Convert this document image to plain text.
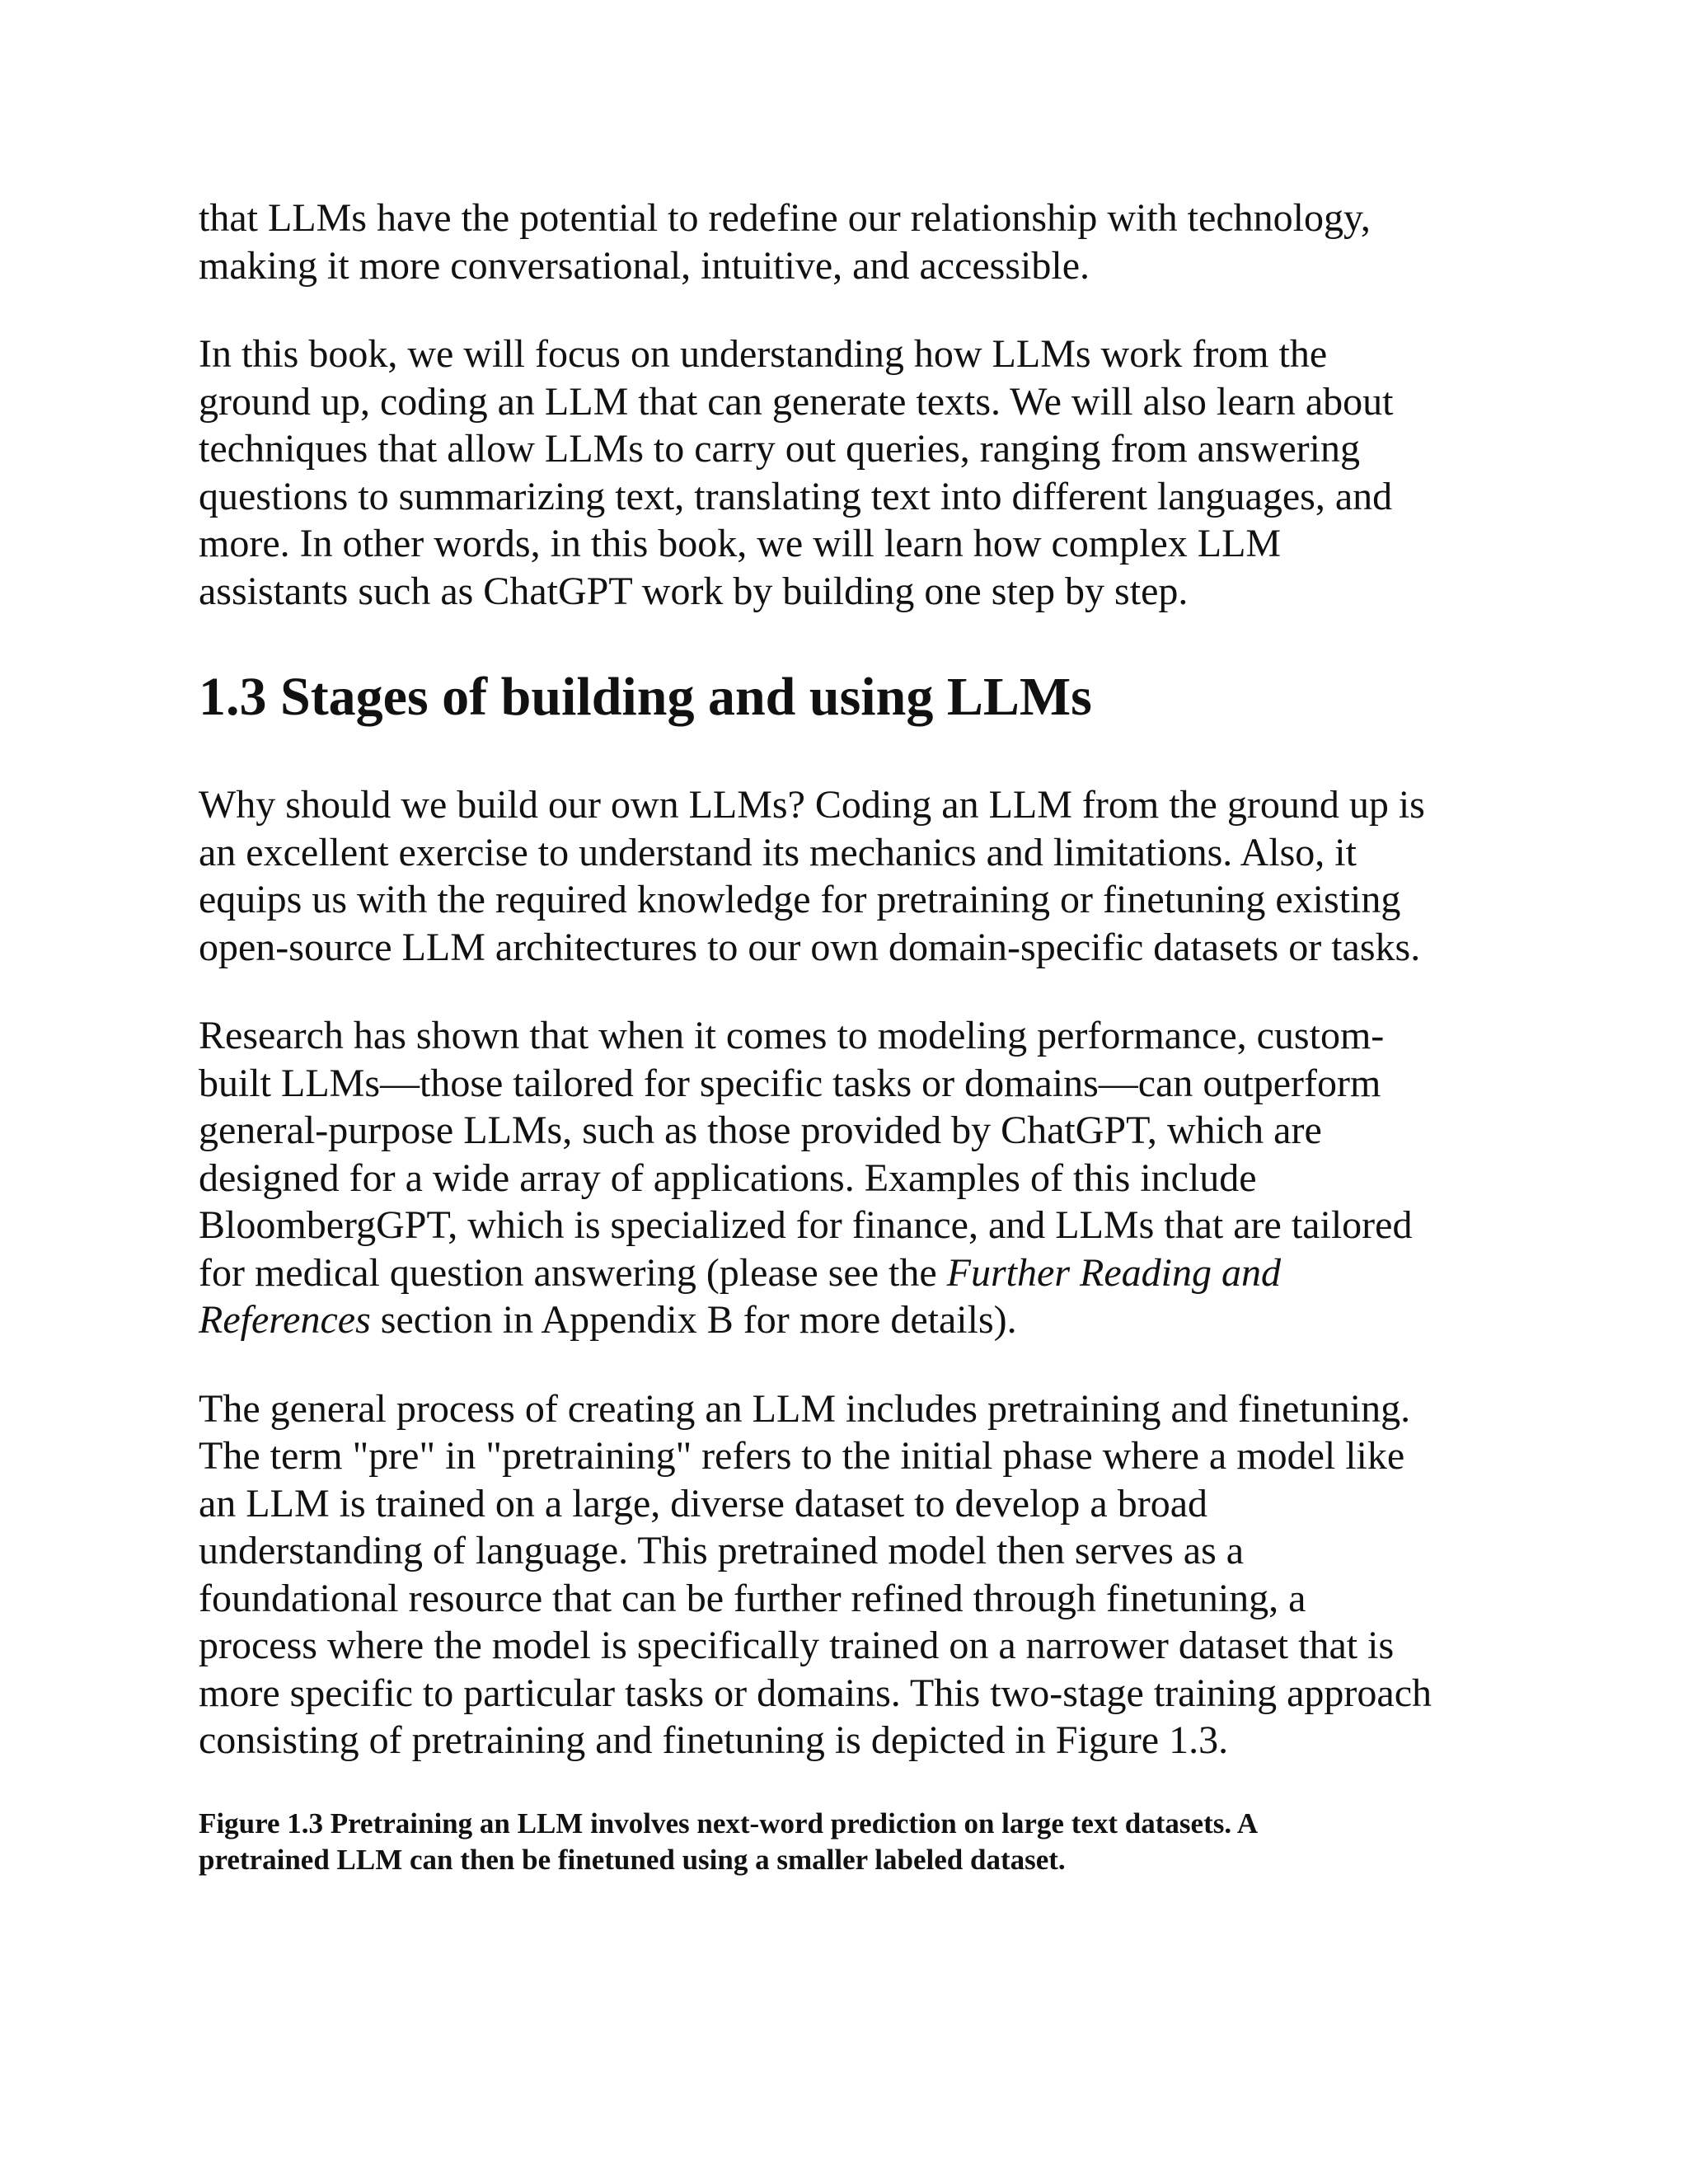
that LLMs have the potential to redefine our relationship with technology,
making it more conversational, intuitive, and accessible.

In this book, we will focus on understanding how LLMs work from the
ground up, coding an LLM that can generate texts. We will also learn about
techniques that allow LLMs to carry out queries, ranging from answering
questions to summarizing text, translating text into different languages, and
more. In other words, in this book, we will learn how complex LLM
assistants such as ChatGPT work by building one step by step.

1.3 Stages of building and using LLMs

Why should we build our own LLMs? Coding an LLM from the ground up is
an excellent exercise to understand its mechanics and limitations. Also, it
equips us with the required knowledge for pretraining or finetuning existing
open-source LLM architectures to our own domain-specific datasets or tasks.

Research has shown that when it comes to modeling performance, custom-
built LLMs—those tailored for specific tasks or domains—can outperform
general-purpose LLMs, such as those provided by ChatGPT, which are
designed for a wide array of applications. Examples of this include
BloombergGPT, which is specialized for finance, and LLMs that are tailored
for medical question answering (please see the Further Reading and
References section in Appendix B for more details).

The general process of creating an LLM includes pretraining and finetuning.
The term "pre" in "pretraining" refers to the initial phase where a model like
an LLM is trained on a large, diverse dataset to develop a broad
understanding of language. This pretrained model then serves as a
foundational resource that can be further refined through finetuning, a
process where the model is specifically trained on a narrower dataset that is
more specific to particular tasks or domains. This two-stage training approach
consisting of pretraining and finetuning is depicted in Figure 1.3.

Figure 1.3 Pretraining an LLM involves next-word prediction on large text datasets. A
pretrained LLM can then be finetuned using a smaller labeled dataset.
